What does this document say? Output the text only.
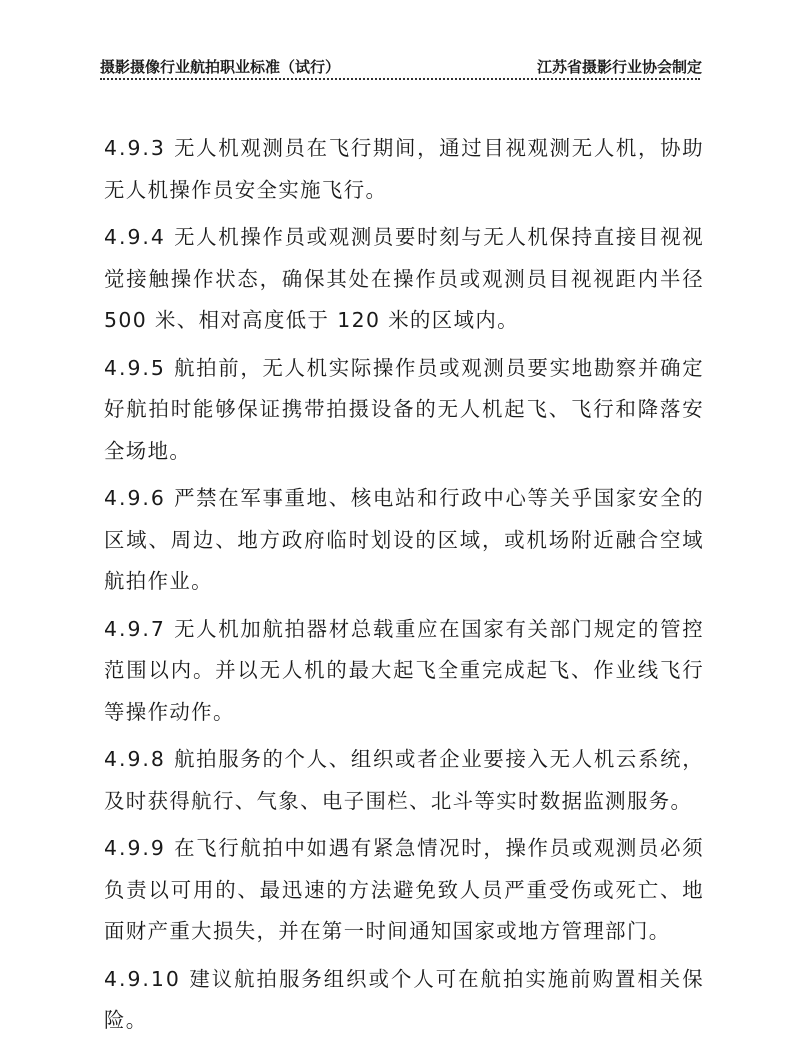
摄影摄像行业航拍职业标准（试行）	江苏省摄影行业协会制定

4.9.3 无人机观测员在飞行期间，通过目视观测无人机，协助无人机操作员安全实施飞行。

4.9.4 无人机操作员或观测员要时刻与无人机保持直接目视视觉接触操作状态，确保其处在操作员或观测员目视视距内半径 500 米、相对高度低于 120 米的区域内。

4.9.5 航拍前，无人机实际操作员或观测员要实地勘察并确定好航拍时能够保证携带拍摄设备的无人机起飞、飞行和降落安全场地。

4.9.6 严禁在军事重地、核电站和行政中心等关乎国家安全的区域、周边、地方政府临时划设的区域，或机场附近融合空域航拍作业。

4.9.7 无人机加航拍器材总载重应在国家有关部门规定的管控范围以内。并以无人机的最大起飞全重完成起飞、作业线飞行等操作动作。

4.9.8 航拍服务的个人、组织或者企业要接入无人机云系统，及时获得航行、气象、电子围栏、北斗等实时数据监测服务。

4.9.9 在飞行航拍中如遇有紧急情况时，操作员或观测员必须负责以可用的、最迅速的方法避免致人员严重受伤或死亡、地面财产重大损失，并在第一时间通知国家或地方管理部门。

4.9.10 建议航拍服务组织或个人可在航拍实施前购置相关保险。
